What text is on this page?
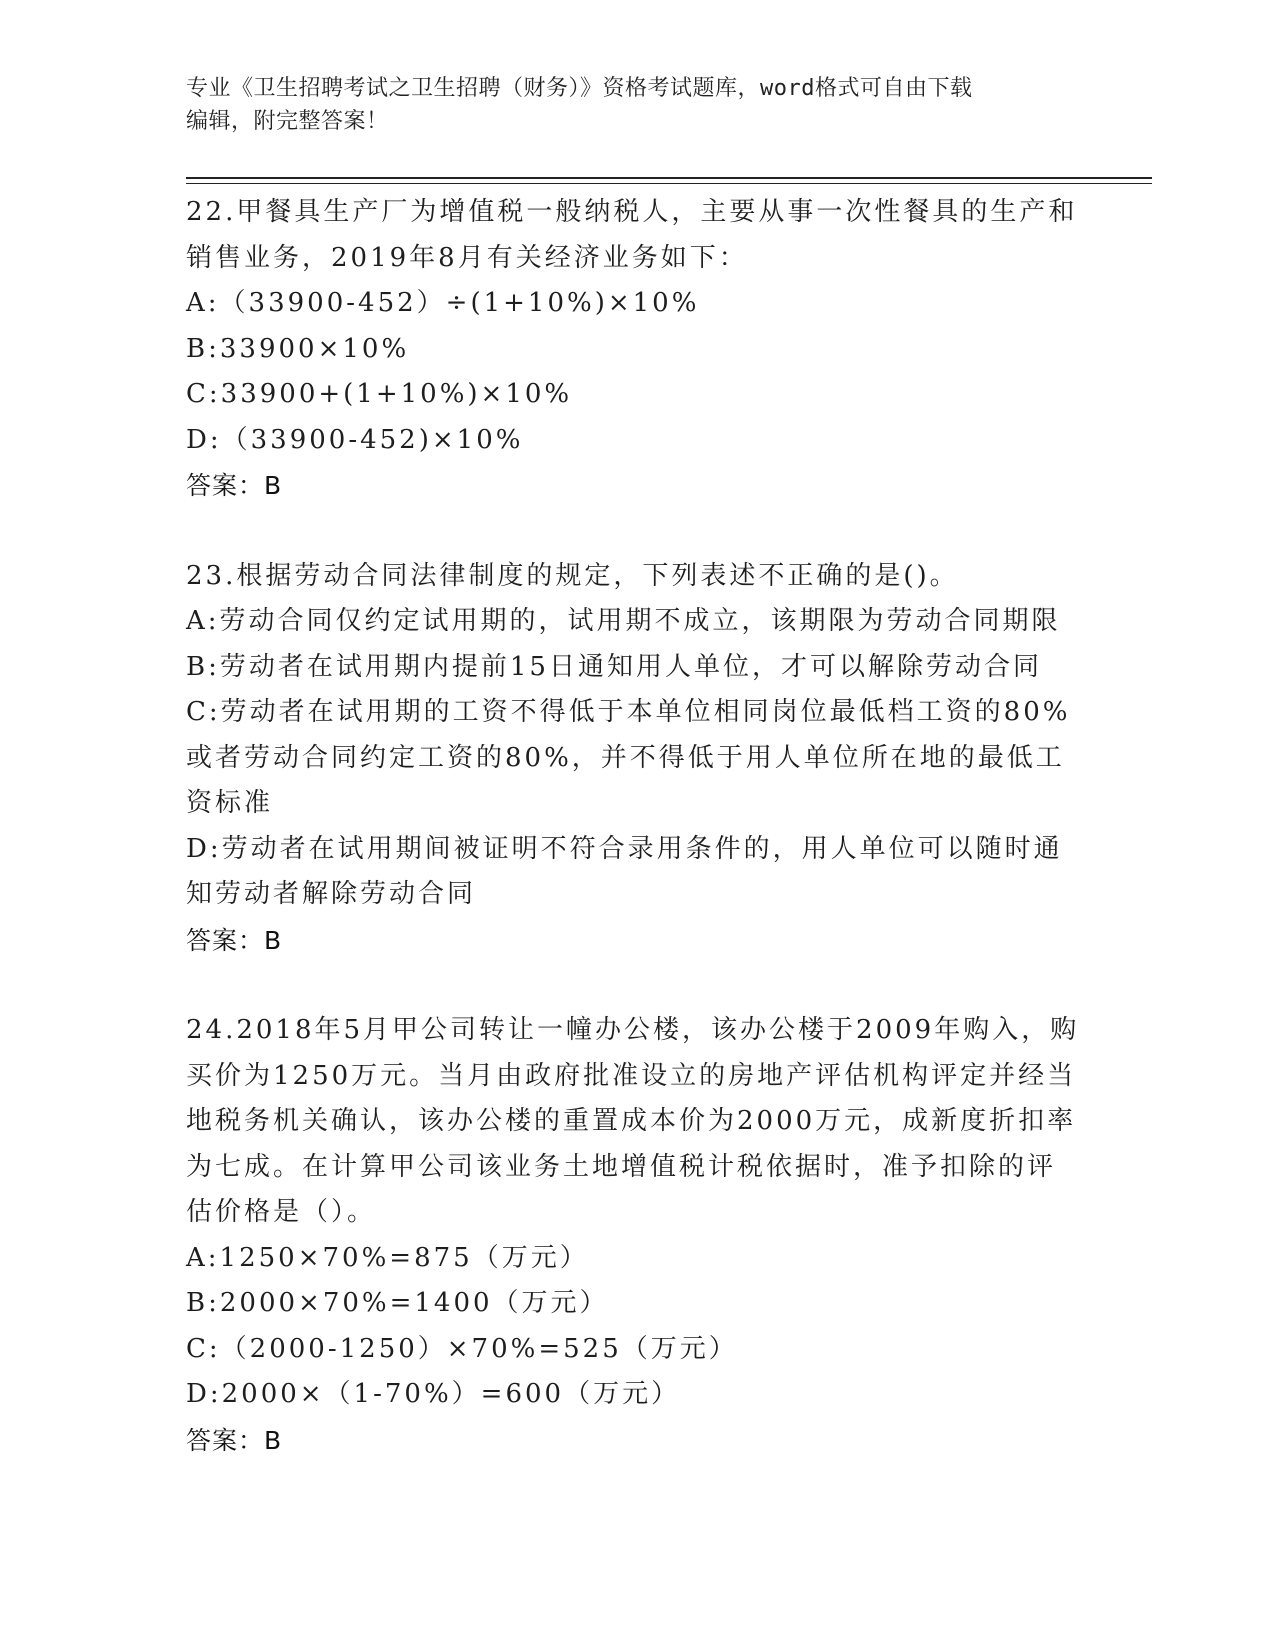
专业《卫生招聘考试之卫生招聘（财务）》资格考试题库，word格式可自由下载
编辑，附完整答案！

22.甲餐具生产厂为增值税一般纳税人，主要从事一次性餐具的生产和

销售业务，2019年8月有关经济业务如下：

A:（33900-452）÷(1+10%)×10%

B:33900×10%

C:33900+(1+10%)×10%

D:（33900-452)×10%

答案：B

23.根据劳动合同法律制度的规定，下列表述不正确的是()。

A:劳动合同仅约定试用期的，试用期不成立，该期限为劳动合同期限

B:劳动者在试用期内提前15日通知用人单位，才可以解除劳动合同

C:劳动者在试用期的工资不得低于本单位相同岗位最低档工资的80%

或者劳动合同约定工资的80%，并不得低于用人单位所在地的最低工

资标准

D:劳动者在试用期间被证明不符合录用条件的，用人单位可以随时通

知劳动者解除劳动合同

答案：B

24.2018年5月甲公司转让一幢办公楼，该办公楼于2009年购入，购

买价为1250万元。当月由政府批准设立的房地产评估机构评定并经当

地税务机关确认，该办公楼的重置成本价为2000万元，成新度折扣率

为七成。在计算甲公司该业务土地增值税计税依据时，准予扣除的评

估价格是（）。

A:1250×70%=875（万元）

B:2000×70%=1400（万元）

C:（2000-1250）×70%=525（万元）

D:2000×（1-70%）=600（万元）

答案：B
